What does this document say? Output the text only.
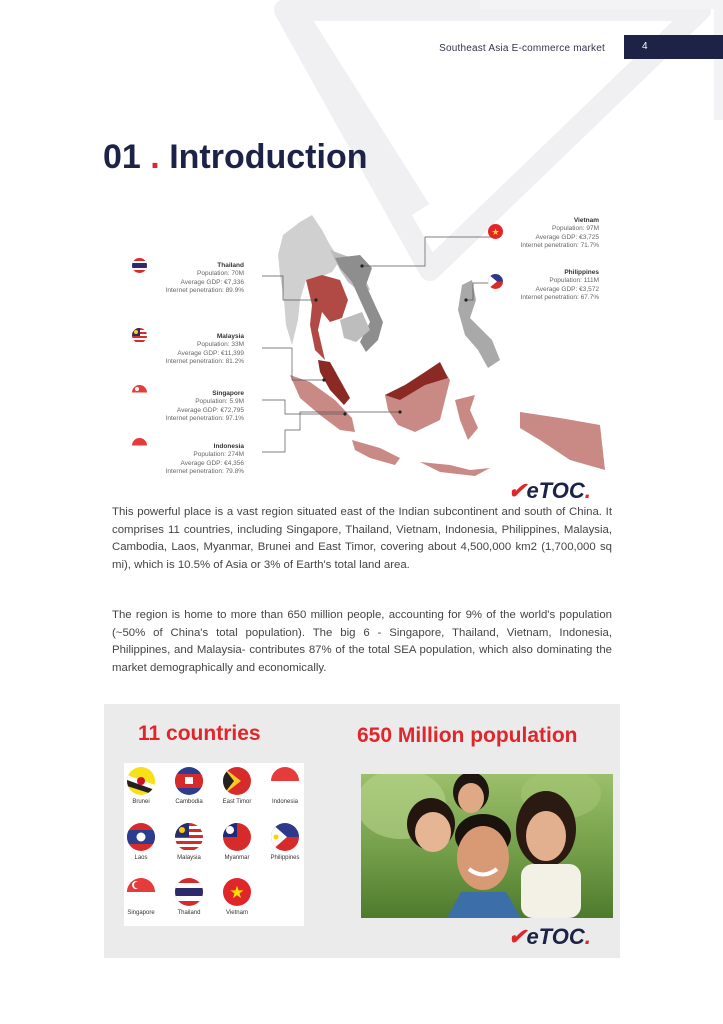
Southeast Asia E-commerce market	4
01 . Introduction
Vietnam
Population: 97M
Average GDP: €3,725
Internet penetration: 71.7%
★
Thailand
Population: 70M
Average GDP: €7,336
Internet penetration: 89.9%
Philippines
Population: 111M
Average GDP: €3,572
Internet penetration: 67.7%
Malaysia
Population: 33M
Average GDP: €11,399
Internet penetration: 81.2%
Singapore
Population: 5.9M
Average GDP: €72,795
Internet penetration: 97.1%
Indonesia
Population: 274M
Average GDP: €4,356
Internet penetration: 79.8%
✔eTOC.

This powerful place is a vast region situated east of the Indian subcontinent and south of China. It comprises 11 countries, including Singapore, Thailand, Vietnam, Indonesia, Philippines, Malaysia, Cambodia, Laos, Myanmar, Brunei and East Timor, covering about 4,500,000 km2 (1,700,000 sq mi), which is 10.5% of Asia or 3% of Earth's total land area.

The region is home to more than 650 million people, accounting for 9% of the world's population (~50% of China's total population). The big 6 - Singapore, Thailand, Vietnam, Indonesia, Philippines, and Malaysia- contributes 87% of the total SEA population, which also dominating the market demographically and economically.

11 countries	650 Million population
Brunei	Cambodia	East Timor	Indonesia
Laos	Malaysia	Myanmar	Philippines
Singapore	Thailand
★
Vietnam
✔eTOC.
